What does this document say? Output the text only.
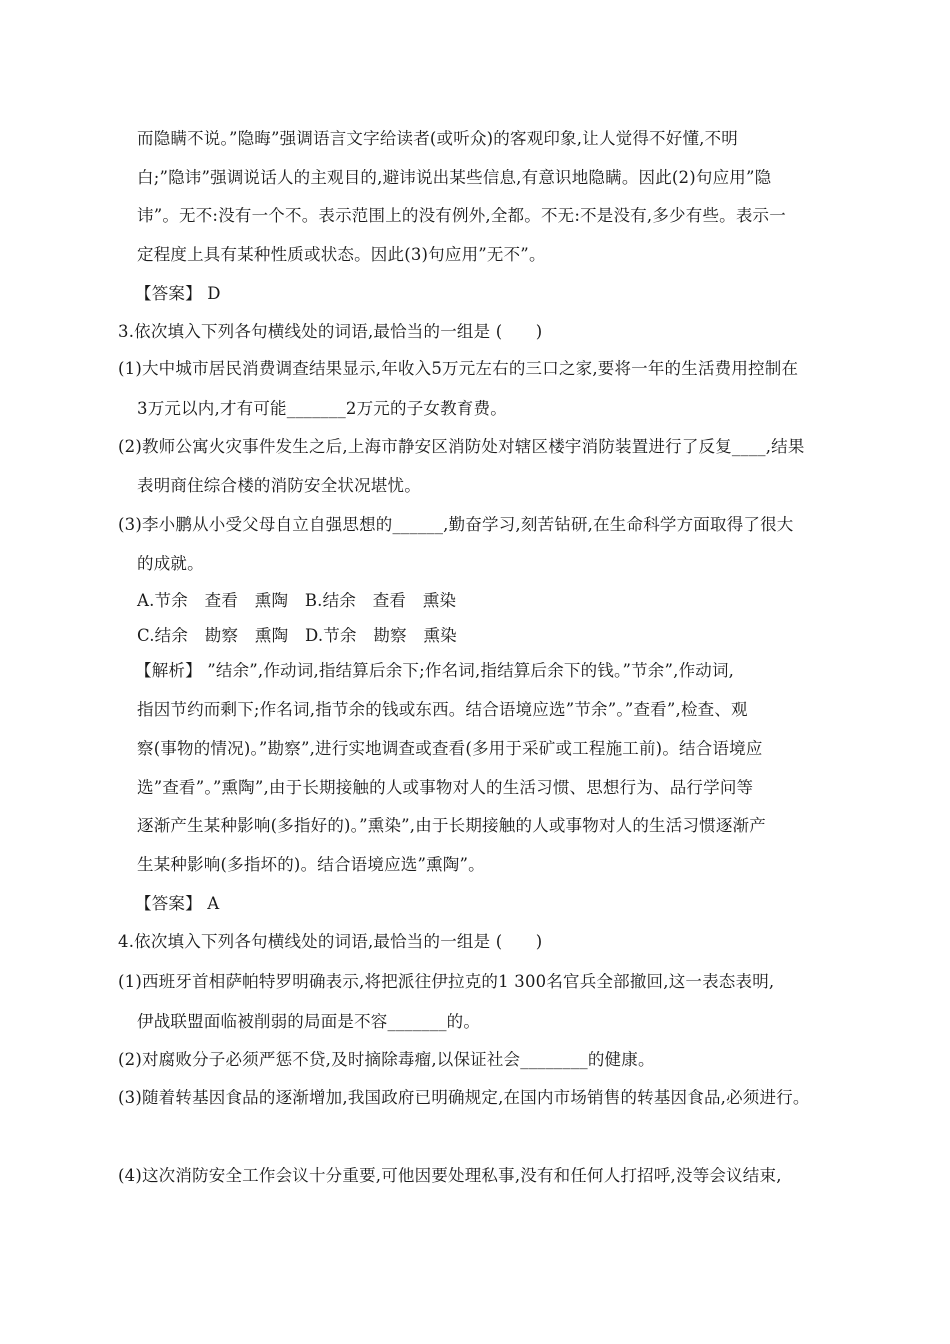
而隐瞒不说。”隐晦”强调语言文字给读者(或听众)的客观印象,让人觉得不好懂,不明
白;”隐讳”强调说话人的主观目的,避讳说出某些信息,有意识地隐瞒。因此(2)句应用”隐
讳”。无不:没有一个不。表示范围上的没有例外,全都。不无:不是没有,多少有些。表示一
定程度上具有某种性质或状态。因此(3)句应用”无不”。
【答案】 D
3.依次填入下列各句横线处的词语,最恰当的一组是 (　　)
(1)大中城市居民消费调查结果显示,年收入5万元左右的三口之家,要将一年的生活费用控制在
3万元以内,才有可能_______2万元的子女教育费。
(2)教师公寓火灾事件发生之后,上海市静安区消防处对辖区楼宇消防装置进行了反复____,结果
表明商住综合楼的消防安全状况堪忧。
(3)李小鹏从小受父母自立自强思想的______,勤奋学习,刻苦钻研,在生命科学方面取得了很大
的成就。
A.节余　查看　熏陶　B.结余　查看　熏染
C.结余　勘察　熏陶　D.节余　勘察　熏染
【解析】 ”结余”,作动词,指结算后余下;作名词,指结算后余下的钱。”节余”,作动词,
指因节约而剩下;作名词,指节余的钱或东西。结合语境应选”节余”。”查看”,检查、观
察(事物的情况)。”勘察”,进行实地调查或查看(多用于采矿或工程施工前)。结合语境应
选”查看”。”熏陶”,由于长期接触的人或事物对人的生活习惯、思想行为、品行学问等
逐渐产生某种影响(多指好的)。”熏染”,由于长期接触的人或事物对人的生活习惯逐渐产
生某种影响(多指坏的)。结合语境应选”熏陶”。
【答案】 A
4.依次填入下列各句横线处的词语,最恰当的一组是 (　　)
(1)西班牙首相萨帕特罗明确表示,将把派往伊拉克的1 300名官兵全部撤回,这一表态表明,
伊战联盟面临被削弱的局面是不容_______的。
(2)对腐败分子必须严惩不贷,及时摘除毒瘤,以保证社会________的健康。
(3)随着转基因食品的逐渐增加,我国政府已明确规定,在国内市场销售的转基因食品,必须进行。
(4)这次消防安全工作会议十分重要,可他因要处理私事,没有和任何人打招呼,没等会议结束,
